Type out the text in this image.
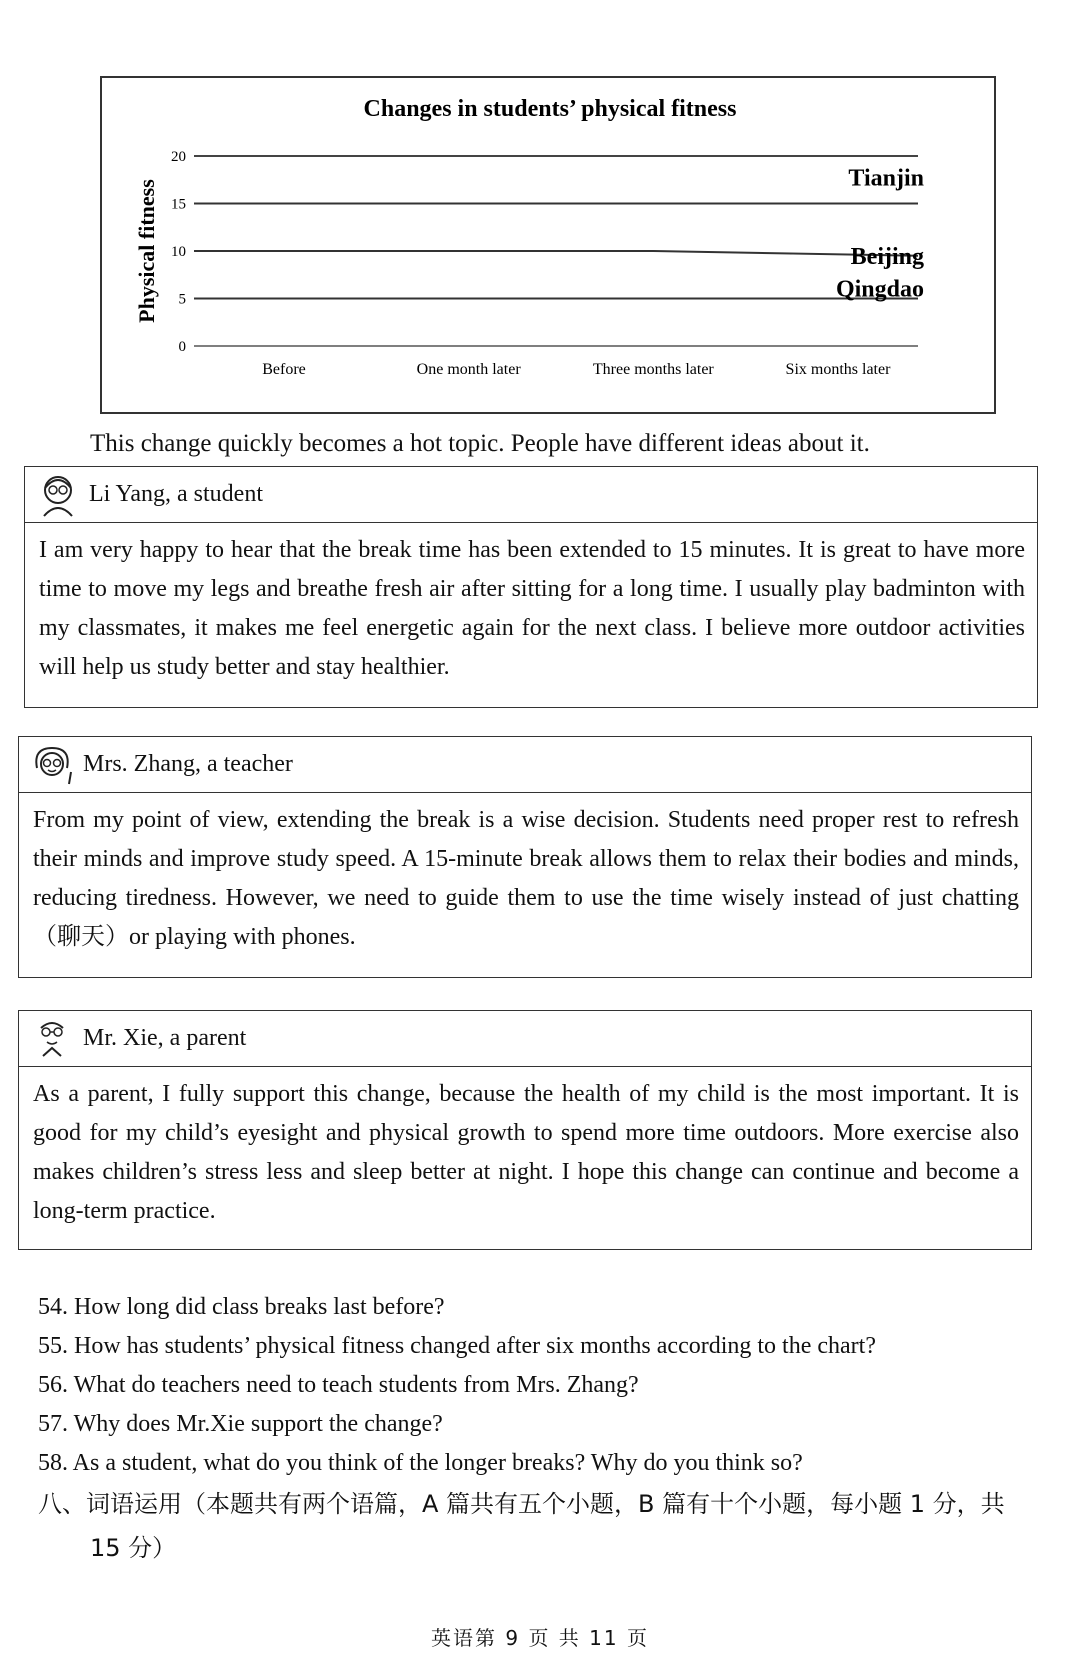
Changes in students’ physical fitness
Physical fitness
0
5
10
15
20
Before	One month later	Three months later	Six months later
Tianjin
Beijing
Qingdao

This change quickly becomes a hot topic. People have different ideas about it.

Li Yang, a student
I am very happy to hear that the break time has been extended to 15 minutes. It is great to have more time to move my legs and breathe fresh air after sitting for a long time. I usually play badminton with my classmates, it makes me feel energetic again for the next class. I believe more outdoor activities will help us study better and stay healthier.
Mrs. Zhang, a teacher
From my point of view, extending the break is a wise decision. Students need proper rest to refresh their minds and improve study speed. A 15-minute break allows them to relax their bodies and minds, reducing tiredness. However, we need to guide them to use the time wisely instead of just chatting（聊天）or playing with phones.
Mr. Xie, a parent
As a parent, I fully support this change, because the health of my child is the most important. It is good for my child’s eyesight and physical growth to spend more time outdoors. More exercise also makes children’s stress less and sleep better at night. I hope this change can continue and become a long-term practice.
54. How long did class breaks last before?
55. How has students’ physical fitness changed after six months according to the chart?
56. What do teachers need to teach students from Mrs. Zhang?
57. Why does Mr.Xie support the change?
58. As a student, what do you think of the longer breaks? Why do you think so?
八、词语运用（本题共有两个语篇，A 篇共有五个小题，B 篇有十个小题，每小题 1 分，共
15 分）
英语第 9 页 共 11 页
